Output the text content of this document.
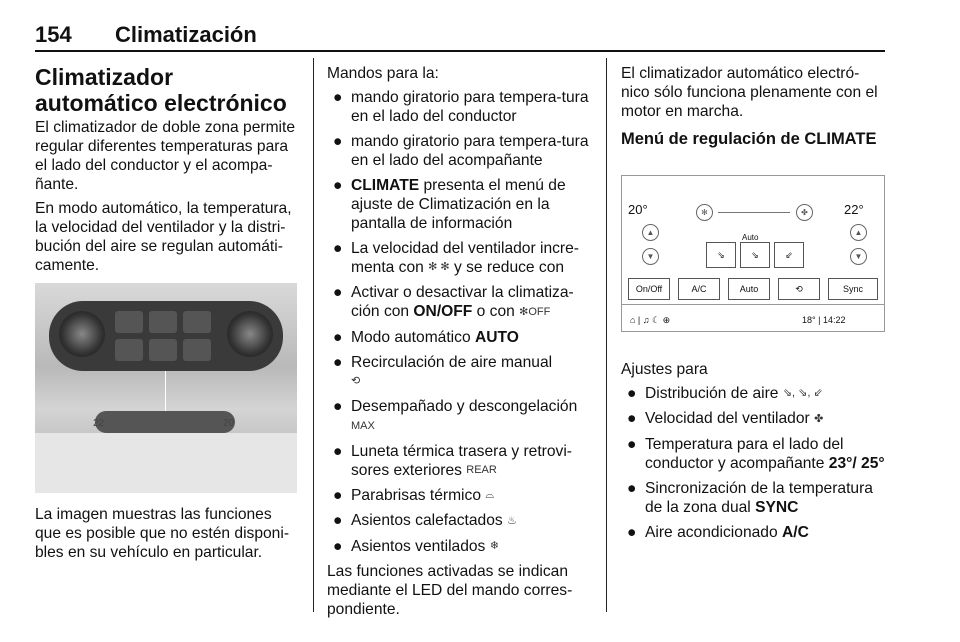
154 Climatización
Climatizador automático electrónico

El climatizador de doble zona permite regular diferentes temperaturas para el lado del conductor y el acompa-ñante.

En modo automático, la temperatura, la velocidad del ventilador y la distri-bución del aire se regulan automáti-camente.

22	20

La imagen muestras las funciones que es posible que no estén disponi-bles en su vehículo en particular.

Mandos para la:

● mando giratorio para tempera-tura en el lado del conductor
● mando giratorio para tempera-tura en el lado del acompañante
● CLIMATE presenta el menú de ajuste de Climatización en la pantalla de información
● La velocidad del ventilador incre-menta con ✻ ✻ y se reduce con
● Activar o desactivar la climatiza-ción con ON/OFF o con ✻OFF
● Modo automático AUTO
● Recirculación de aire manual
⟲
● Desempañado y descongelación
MAX
● Luneta térmica trasera y retrovi-sores exteriores REAR
● Parabrisas térmico ⌓
● Asientos calefactados ♨
● Asientos ventilados ❄

Las funciones activadas se indican mediante el LED del mando corres-pondiente.

El climatizador automático electró-nico sólo funciona plenamente con el motor en marcha.

Menú de regulación de CLIMATE
20°	22°
▲
▼
▲
▼
✻	✤
Auto
⇘	⇘	⇙
On/Off	A/C	Auto	⟲	Sync
⌂ | ♫ ☾ ⊕	18° | 14:22

Ajustes para

● Distribución de aire ⇘, ⇘, ⇙
● Velocidad del ventilador ✤
● Temperatura para el lado del conductor y acompañante 23°/ 25°
● Sincronización de la temperatura de la zona dual SYNC
● Aire acondicionado A/C
